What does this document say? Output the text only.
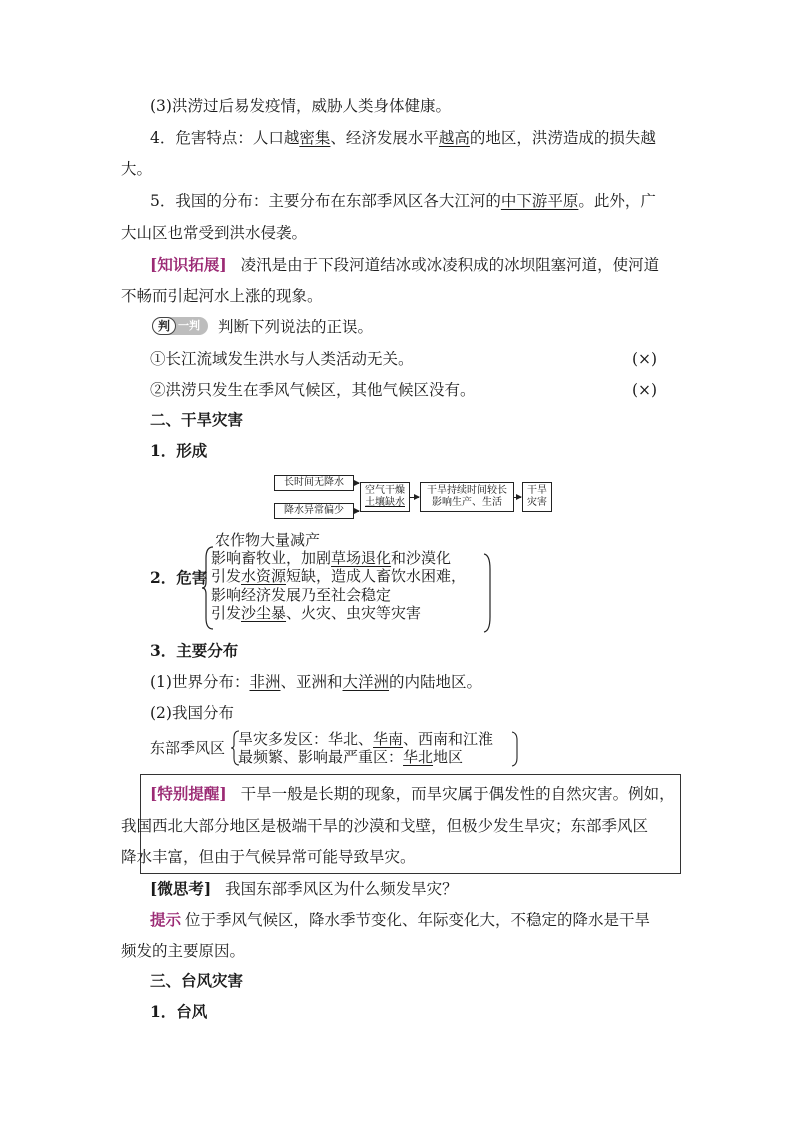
(3)洪涝过后易发疫情，威胁人类身体健康。
4．危害特点：人口越密集、经济发展水平越高的地区，洪涝造成的损失越
大。
5．我国的分布：主要分布在东部季风区各大江河的中下游平原。此外，广
大山区也常受到洪水侵袭。
[知识拓展] 凌汛是由于下段河道结冰或冰凌积成的冰坝阻塞河道，使河道
不畅而引起河水上涨的现象。
判 一判 判断下列说法的正误。
①长江流域发生洪水与人类活动无关。	(×)
②洪涝只发生在季风气候区，其他气候区没有。	(×)
二、干旱灾害
1．形成
长时间无降水
降水异常偏少
空气干燥
土壤缺水
干旱持续时间较长
影响生产、生活
干旱
灾害
2．危害
农作物大量减产
影响畜牧业，加剧草场退化和沙漠化
引发水资源短缺，造成人畜饮水困难，
影响经济发展乃至社会稳定
引发沙尘暴、火灾、虫灾等灾害
3．主要分布
(1)世界分布：非洲、亚洲和大洋洲的内陆地区。
(2)我国分布
东部季风区 旱灾多发区：华北、华南、西南和江淮
最频繁、影响最严重区：华北地区
[特别提醒] 干旱一般是长期的现象，而旱灾属于偶发性的自然灾害。例如，
我国西北大部分地区是极端干旱的沙漠和戈壁，但极少发生旱灾；东部季风区
降水丰富，但由于气候异常可能导致旱灾。
[微思考] 我国东部季风区为什么频发旱灾？
提示 位于季风气候区，降水季节变化、年际变化大，不稳定的降水是干旱
频发的主要原因。
三、台风灾害
1．台风
